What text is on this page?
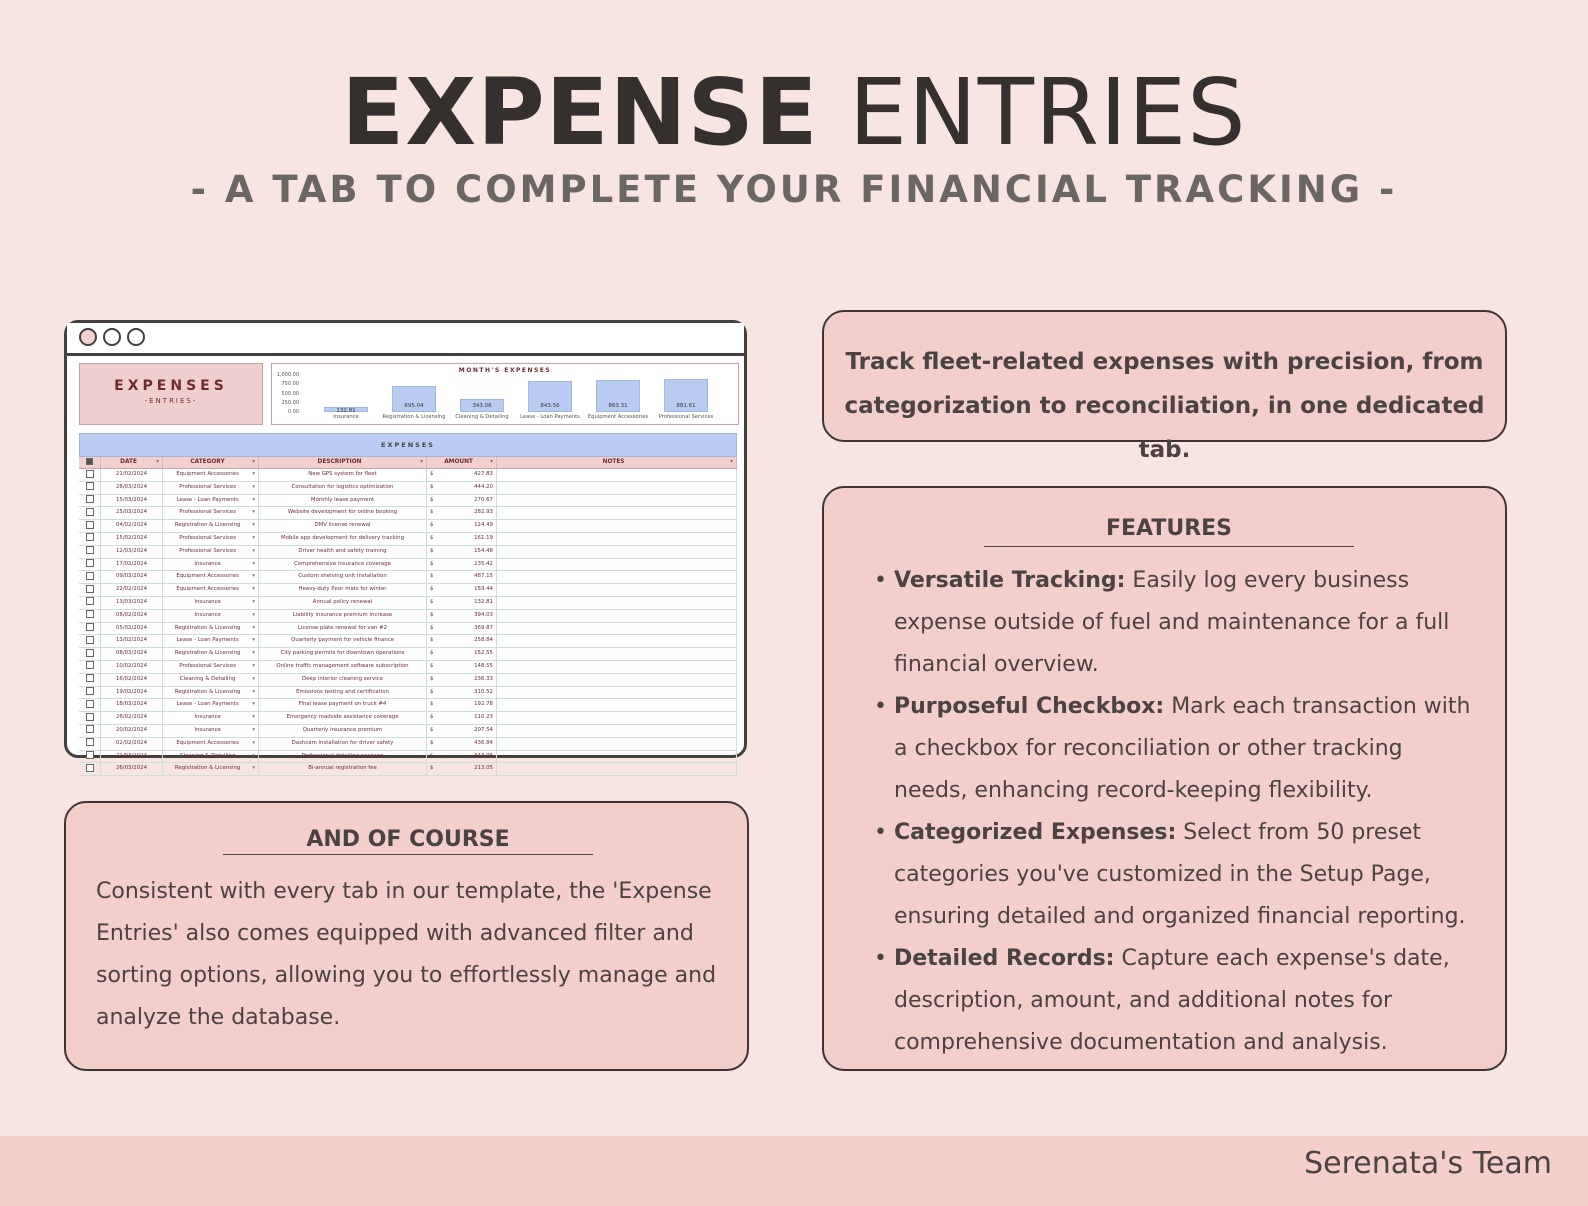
EXPENSE ENTRIES
- A TAB TO COMPLETE YOUR FINANCIAL TRACKING -
EXPENSES
-ENTRIES-
MONTH'S EXPENSES
1,000.00
750.00
500.00
250.00
0.00	132.81
Insurance
695.04
Registration & Licensing
343.06
Cleaning & Detailing
843.56
Lease - Loan Payments
863.31
Equipment Accessories
881.61
Professional Services
EXPENSES
DATE	▾	CATEGORY	▾	DESCRIPTION	▾	AMOUNT	▾	NOTES	▾
21/02/2024	Equipment Accessories ▾	New GPS system for fleet	$	427.83
28/03/2024	Professional Services	▾	Consultation for logistics optimization	$	444.20
15/03/2024	Lease - Loan Payments	▾	Monthly lease payment	$	270.67
25/03/2024	Professional Services	▾	Website development for online booking	$	282.93
04/02/2024	Registration & Licensing ▾	DMV license renewal	$	124.49
15/02/2024	Professional Services	▾	Mobile app development for delivery tracking	$	161.19
12/03/2024	Professional Services	▾	Driver health and safety training	$	154.48
17/02/2024	Insurance	▾	Comprehensive insurance coverage	$	235.42
09/03/2024	Equipment Accessories ▾	Custom shelving unit installation	$	487.15
22/02/2024	Equipment Accessories ▾	Heavy-duty floor mats for winter	$	159.44
13/03/2024	Insurance	▾	Annual policy renewal	$	132.81
08/02/2024	Insurance	▾	Liability insurance premium increase	$	394.03
05/02/2024	Registration & Licensing ▾	License plate renewal for van #2	$	369.87
13/02/2024	Lease - Loan Payments	▾	Quarterly payment for vehicle finance	$	258.84
08/03/2024	Registration & Licensing ▾	City parking permits for downtown operations	$	152.55
10/02/2024	Professional Services	▾	Online traffic management software subscription	$	148.55
16/02/2024	Cleaning & Detailing	▾	Deep interior cleaning service	$	236.33
19/02/2024	Registration & Licensing ▾	Emissions testing and certification	$	310.52
18/03/2024	Lease - Loan Payments	▾	Final lease payment on truck #4	$	192.78
26/02/2024	Insurance	▾	Emergency roadside assistance coverage	$	110.23
20/02/2024	Insurance	▾	Quarterly insurance premium	$	207.54
02/02/2024	Equipment Accessories ▾	Dashcam installation for driver safety	$	436.84
21/03/2024	Cleaning & Detailing	▾	Professional detailing package	$	343.06
26/03/2024	Registration & Licensing ▾	Bi-annual registration fee	$	213.05
Track fleet-related expenses with precision, from
categorization to reconciliation, in one dedicated tab.
FEATURES
• Versatile Tracking: Easily log every business expense outside of fuel and maintenance for a full financial overview.
• Purposeful Checkbox: Mark each transaction with a checkbox for reconciliation or other tracking needs, enhancing record-keeping flexibility.
• Categorized Expenses: Select from 50 preset categories you've customized in the Setup Page, ensuring detailed and organized financial reporting.
• Detailed Records: Capture each expense's date, description, amount, and additional notes for comprehensive documentation and analysis.
AND OF COURSE
Consistent with every tab in our template, the 'Expense Entries' also comes equipped with advanced filter and sorting options, allowing you to effortlessly manage and analyze the database.
Serenata's Team
